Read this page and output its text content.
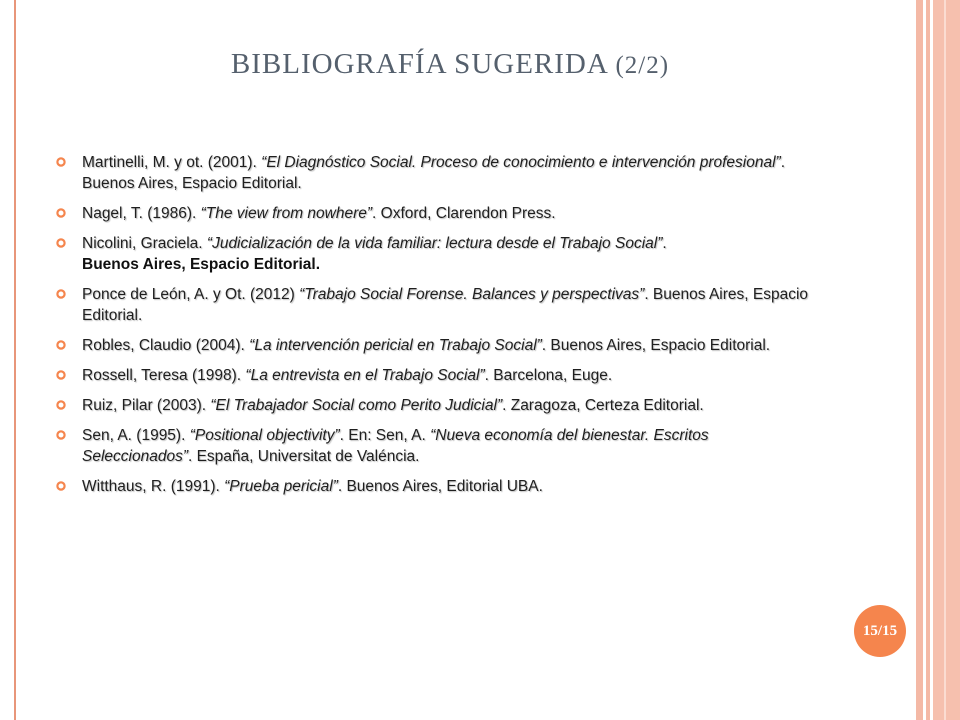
BIBLIOGRAFÍA SUGERIDA (2/2)
Martinelli, M. y ot. (2001). “El Diagnóstico Social. Proceso de conocimiento e intervención profesional”. Buenos Aires, Espacio Editorial.
Nagel, T. (1986). “The view from nowhere”. Oxford, Clarendon Press.
Nicolini, Graciela. “Judicialización de la vida familiar: lectura desde el Trabajo Social”.
Buenos Aires, Espacio Editorial.
Ponce de León, A. y Ot. (2012) “Trabajo Social Forense. Balances y perspectivas”. Buenos Aires, Espacio Editorial.
Robles, Claudio (2004). “La intervención pericial en Trabajo Social”. Buenos Aires, Espacio Editorial.
Rossell, Teresa (1998). “La entrevista en el Trabajo Social”. Barcelona, Euge.
Ruiz, Pilar (2003). “El Trabajador Social como Perito Judicial”. Zaragoza, Certeza Editorial.
Sen, A. (1995). “Positional objectivity”. En: Sen, A. “Nueva economía del bienestar. Escritos Seleccionados”. España, Universitat de Valéncia.
Witthaus, R. (1991). “Prueba pericial”. Buenos Aires, Editorial UBA.
15/15
